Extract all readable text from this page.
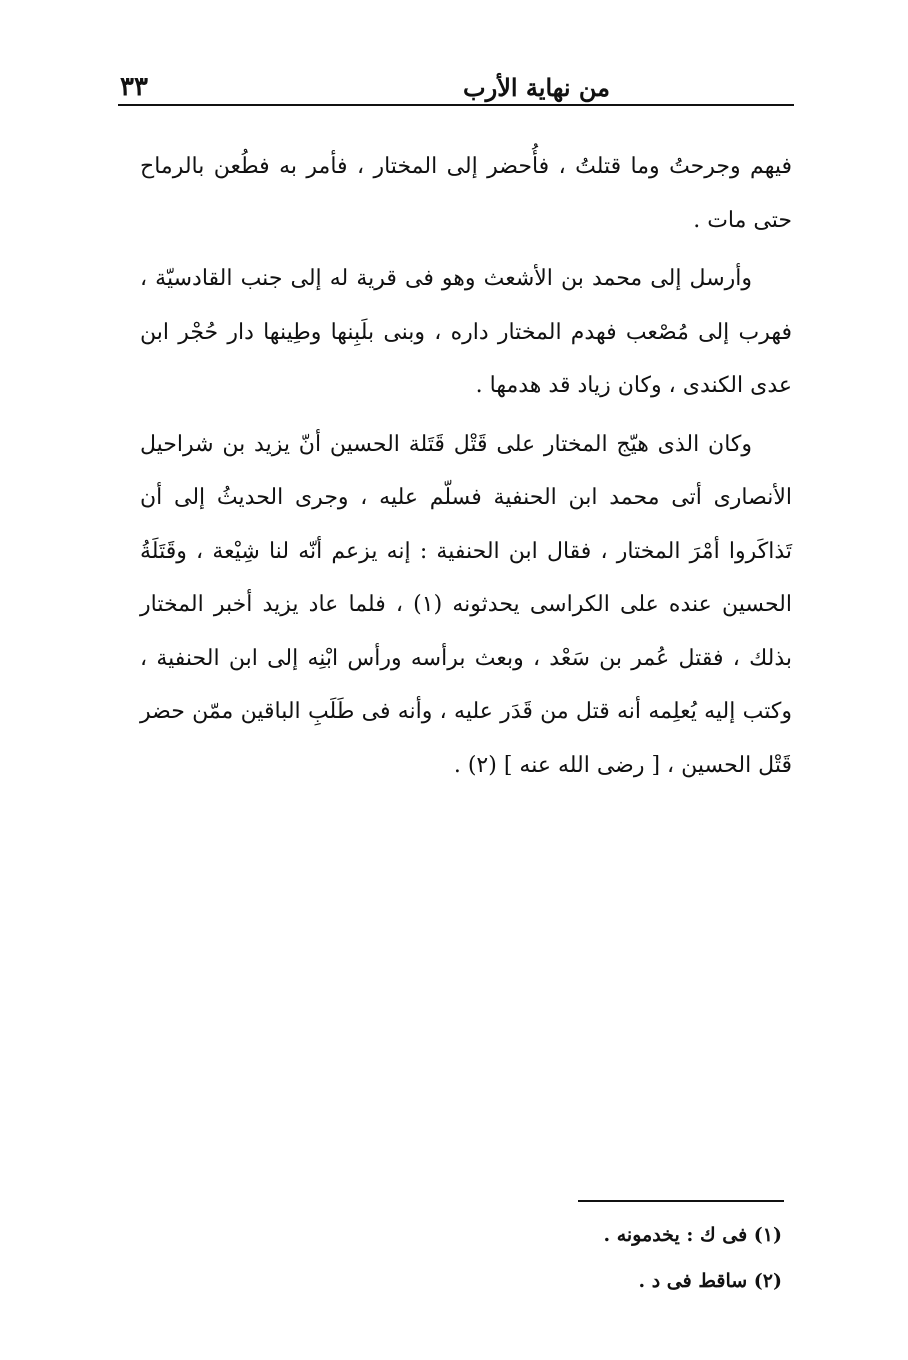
٣٣	من نهاية الأرب

فيهم وجرحتُ وما قتلتُ ، فأُحضر إلى المختار ، فأمر به فطُعن بالرماح حتى مات .

وأرسل إلى محمد بن الأشعث وهو فى قرية له إلى جنب القادسيّة ، فهرب إلى مُصْعب فهدم المختار داره ، وبنى بلَبِنها وطِينها دار حُجْر ابن عدى الكندى ، وكان زياد قد هدمها .

وكان الذى هيّج المختار على قَتْل قَتَلة الحسين أنّ يزيد بن شراحيل الأنصارى أتى محمد ابن الحنفية فسلّم عليه ، وجرى الحديثُ إلى أن تَذاكَروا أمْرَ المختار ، فقال ابن الحنفية : إنه يزعم أنّه لنا شِيْعة ، وقَتَلَةُ الحسين عنده على الكراسى يحدثونه (١) ، فلما عاد يزيد أخبر المختار بذلك ، فقتل عُمر بن سَعْد ، وبعث برأسه ورأس ابْنِه إلى ابن الحنفية ، وكتب إليه يُعلِمه أنه قتل من قَدَر عليه ، وأنه فى طَلَبِ الباقين ممّن حضر قَتْل الحسين ، [ رضى الله عنه ] (٢) .

(١) فى ك : يخدمونه .
(٢) ساقط فى د .
